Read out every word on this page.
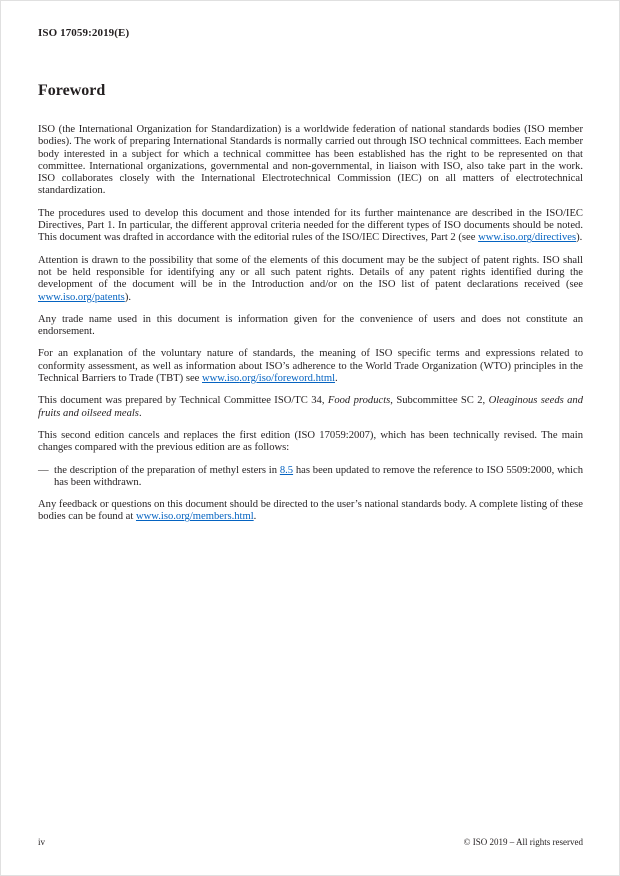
ISO 17059:2019(E)
Foreword

ISO (the International Organization for Standardization) is a worldwide federation of national standards bodies (ISO member bodies). The work of preparing International Standards is normally carried out through ISO technical committees. Each member body interested in a subject for which a technical committee has been established has the right to be represented on that committee. International organizations, governmental and non-governmental, in liaison with ISO, also take part in the work. ISO collaborates closely with the International Electrotechnical Commission (IEC) on all matters of electrotechnical standardization.

The procedures used to develop this document and those intended for its further maintenance are described in the ISO/IEC Directives, Part 1. In particular, the different approval criteria needed for the different types of ISO documents should be noted. This document was drafted in accordance with the editorial rules of the ISO/IEC Directives, Part 2 (see www.iso.org/directives).

Attention is drawn to the possibility that some of the elements of this document may be the subject of patent rights. ISO shall not be held responsible for identifying any or all such patent rights. Details of any patent rights identified during the development of the document will be in the Introduction and/or on the ISO list of patent declarations received (see www.iso.org/patents).

Any trade name used in this document is information given for the convenience of users and does not constitute an endorsement.

For an explanation of the voluntary nature of standards, the meaning of ISO specific terms and expressions related to conformity assessment, as well as information about ISO’s adherence to the World Trade Organization (WTO) principles in the Technical Barriers to Trade (TBT) see www.iso.org/iso/foreword.html.

This document was prepared by Technical Committee ISO/TC 34, Food products, Subcommittee SC 2, Oleaginous seeds and fruits and oilseed meals.

This second edition cancels and replaces the first edition (ISO 17059:2007), which has been technically revised. The main changes compared with the previous edition are as follows:

— the description of the preparation of methyl esters in 8.5 has been updated to remove the reference to ISO 5509:2000, which has been withdrawn.

Any feedback or questions on this document should be directed to the user’s national standards body. A complete listing of these bodies can be found at www.iso.org/members.html.

iv	© ISO 2019 – All rights reserved
